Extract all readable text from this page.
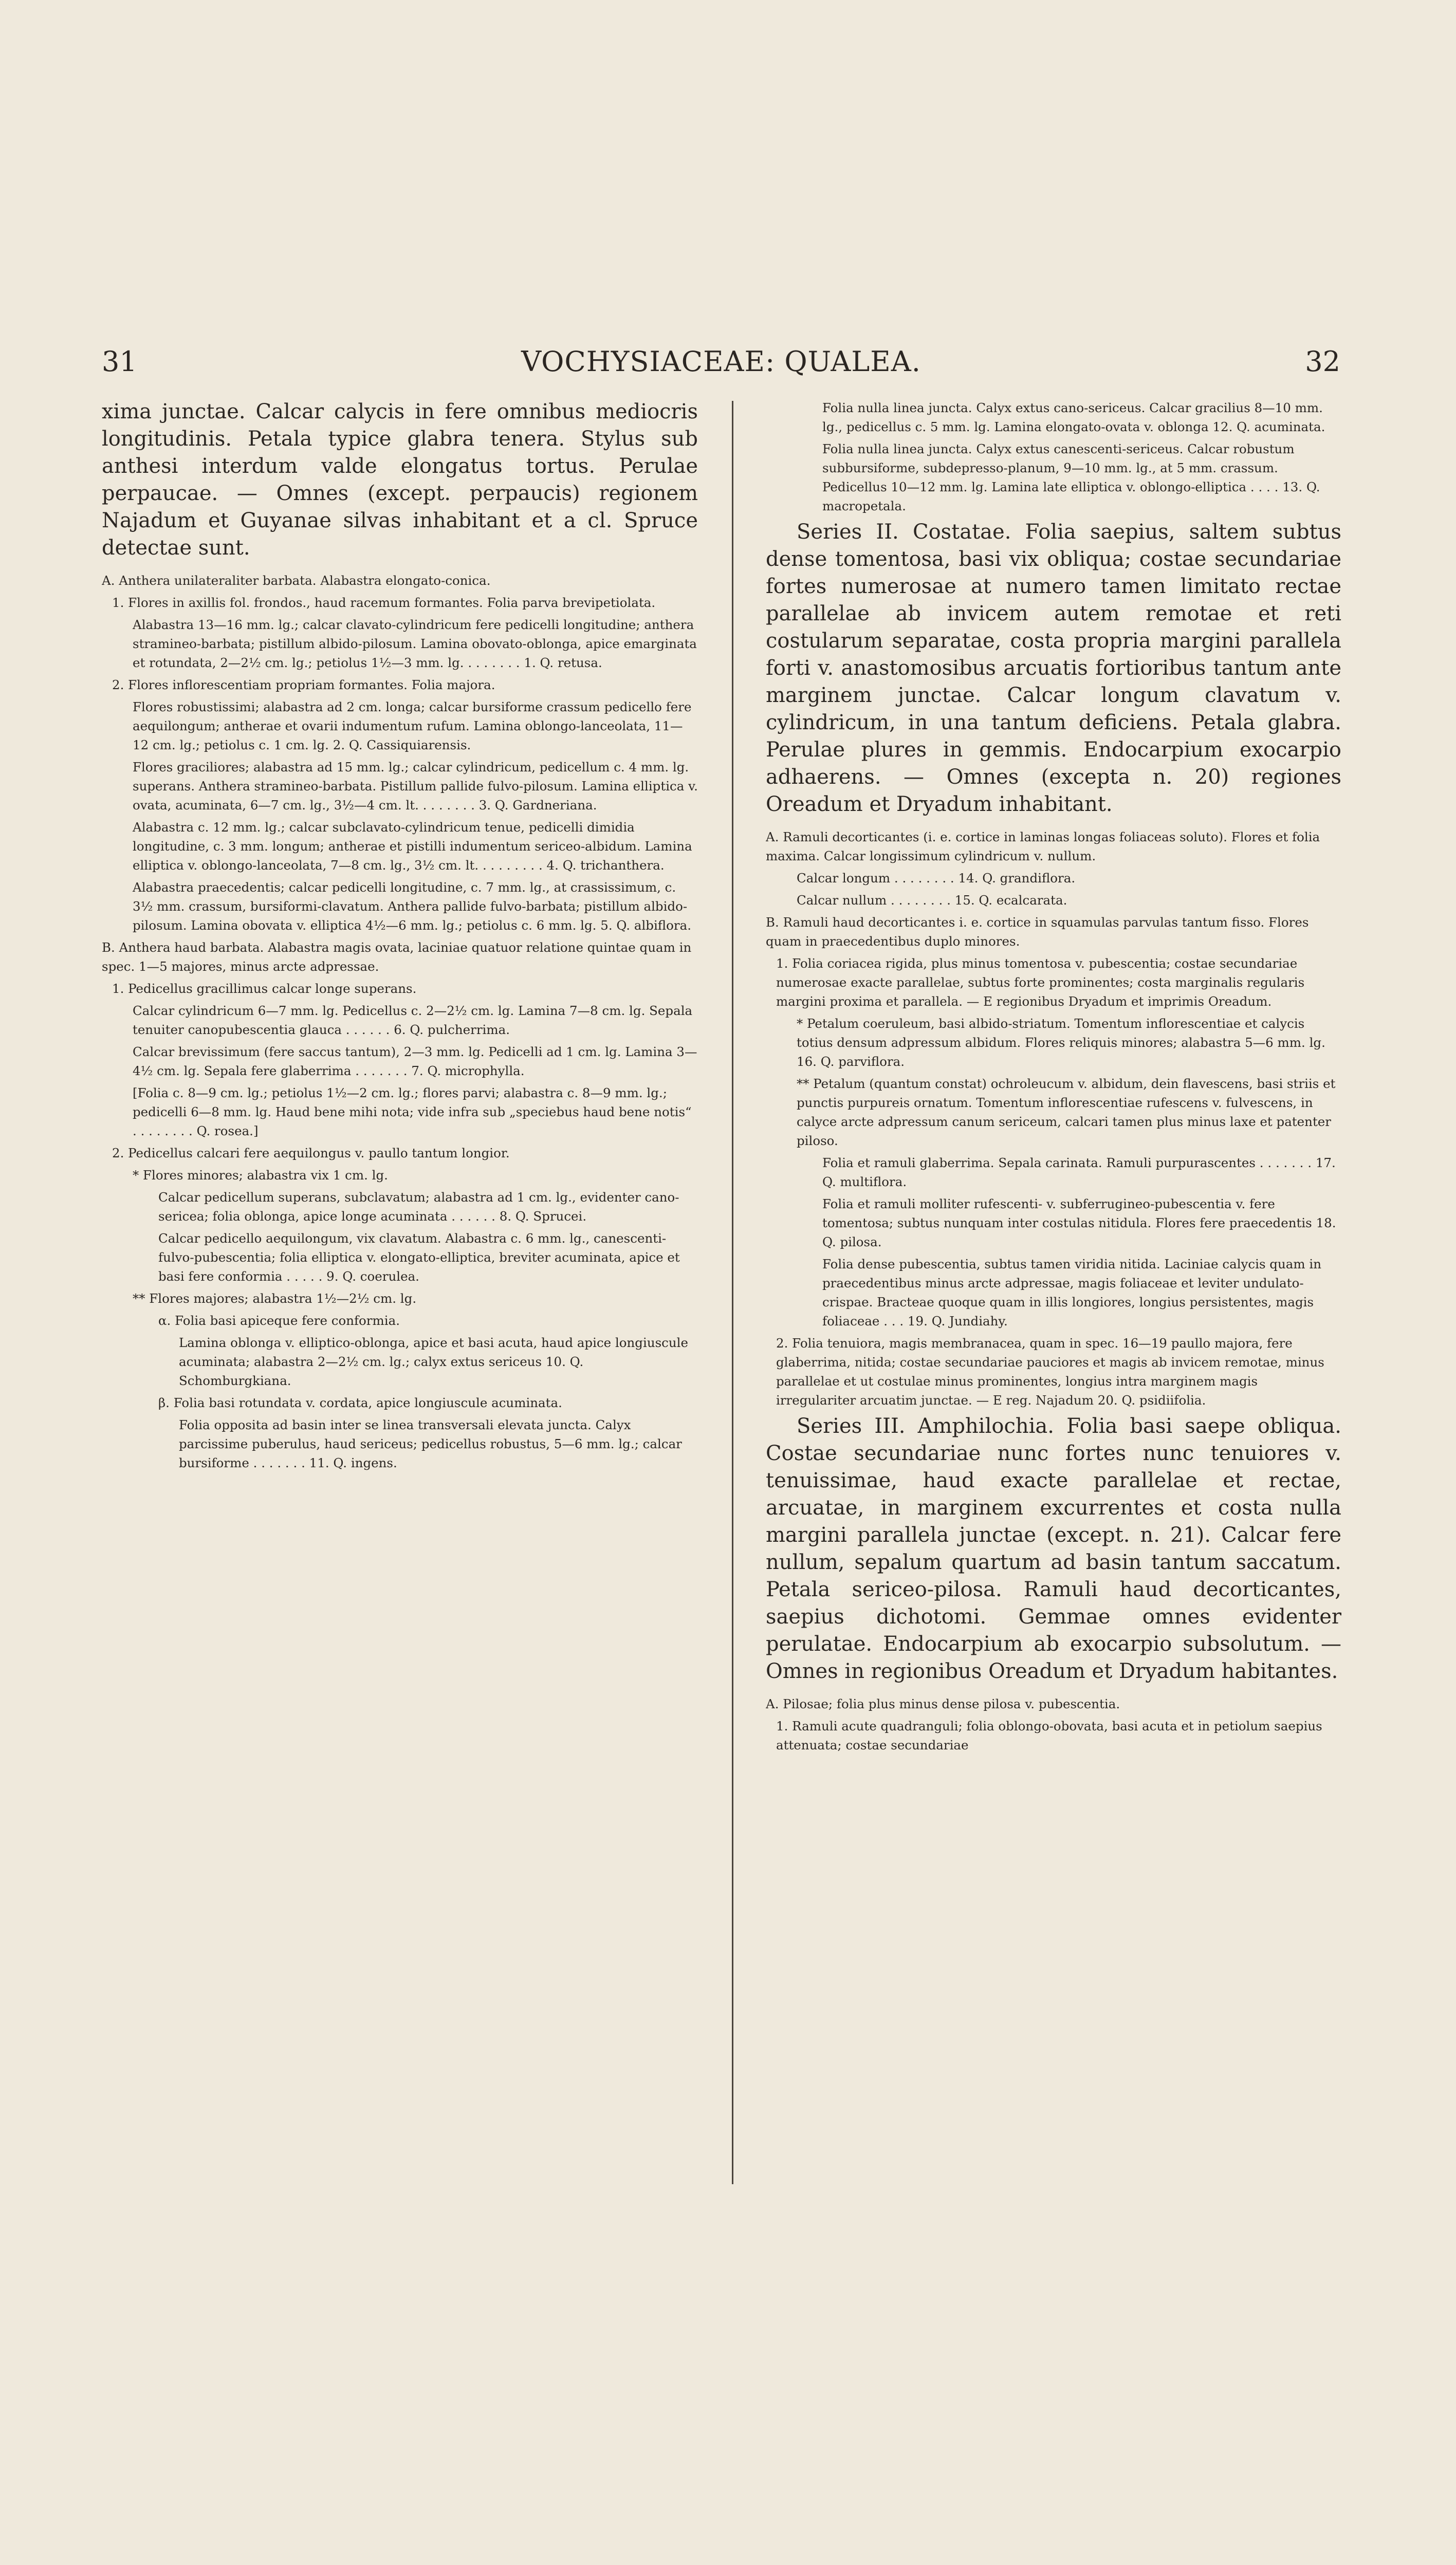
31	VOCHYSIACEAE: QUALEA.	32

xima junctae. Calcar calycis in fere omnibus mediocris longitudinis. Petala typice glabra tenera. Stylus sub anthesi interdum valde elongatus tortus. Perulae perpaucae. — Omnes (except. perpaucis) regionem Najadum et Guyanae silvas inhabitant et a cl. Spruce detectae sunt.

A. Anthera unilateraliter barbata. Alabastra elongato-conica.

1. Flores in axillis fol. frondos., haud racemum formantes. Folia parva brevipetiolata.

Alabastra 13—16 mm. lg.; calcar clavato-cylindricum fere pedicelli longitudine; anthera stramineo-barbata; pistillum albido-pilosum. Lamina obovato-oblonga, apice emarginata et rotundata, 2—2½ cm. lg.; petiolus 1½—3 mm. lg. . . . . . . . 1. Q. retusa.

2. Flores inflorescentiam propriam formantes. Folia majora.

Flores robustissimi; alabastra ad 2 cm. longa; calcar bursiforme crassum pedicello fere aequilongum; antherae et ovarii indumentum rufum. Lamina oblongo-lanceolata, 11—12 cm. lg.; petiolus c. 1 cm. lg. 2. Q. Cassiquiarensis.

Flores graciliores; alabastra ad 15 mm. lg.; calcar cylindricum, pedicellum c. 4 mm. lg. superans. Anthera stramineo-barbata. Pistillum pallide fulvo-pilosum. Lamina elliptica v. ovata, acuminata, 6—7 cm. lg., 3½—4 cm. lt. . . . . . . . 3. Q. Gardneriana.

Alabastra c. 12 mm. lg.; calcar subclavato-cylindricum tenue, pedicelli dimidia longitudine, c. 3 mm. longum; antherae et pistilli indumentum sericeo-albidum. Lamina elliptica v. oblongo-lanceolata, 7—8 cm. lg., 3½ cm. lt. . . . . . . . . 4. Q. trichanthera.

Alabastra praecedentis; calcar pedicelli longitudine, c. 7 mm. lg., at crassissimum, c. 3½ mm. crassum, bursiformi-clavatum. Anthera pallide fulvo-barbata; pistillum albido-pilosum. Lamina obovata v. elliptica 4½—6 mm. lg.; petiolus c. 6 mm. lg. 5. Q. albiflora.

B. Anthera haud barbata. Alabastra magis ovata, laciniae quatuor relatione quintae quam in spec. 1—5 majores, minus arcte adpressae.

1. Pedicellus gracillimus calcar longe superans.

Calcar cylindricum 6—7 mm. lg. Pedicellus c. 2—2½ cm. lg. Lamina 7—8 cm. lg. Sepala tenuiter canopubescentia glauca . . . . . . 6. Q. pulcherrima.

Calcar brevissimum (fere saccus tantum), 2—3 mm. lg. Pedicelli ad 1 cm. lg. Lamina 3—4½ cm. lg. Sepala fere glaberrima . . . . . . . 7. Q. microphylla.

[Folia c. 8—9 cm. lg.; petiolus 1½—2 cm. lg.; flores parvi; alabastra c. 8—9 mm. lg.; pedicelli 6—8 mm. lg. Haud bene mihi nota; vide infra sub „speciebus haud bene notis“ . . . . . . . . Q. rosea.]

2. Pedicellus calcari fere aequilongus v. paullo tantum longior.

* Flores minores; alabastra vix 1 cm. lg.

Calcar pedicellum superans, subclavatum; alabastra ad 1 cm. lg., evidenter cano-sericea; folia oblonga, apice longe acuminata . . . . . . 8. Q. Sprucei.

Calcar pedicello aequilongum, vix clavatum. Alabastra c. 6 mm. lg., canescenti-fulvo-pubescentia; folia elliptica v. elongato-elliptica, breviter acuminata, apice et basi fere conformia . . . . . 9. Q. coerulea.

** Flores majores; alabastra 1½—2½ cm. lg.

α. Folia basi apiceque fere conformia.

Lamina oblonga v. elliptico-oblonga, apice et basi acuta, haud apice longiuscule acuminata; alabastra 2—2½ cm. lg.; calyx extus sericeus 10. Q. Schomburgkiana.

β. Folia basi rotundata v. cordata, apice longiuscule acuminata.

Folia opposita ad basin inter se linea transversali elevata juncta. Calyx parcissime puberulus, haud sericeus; pedicellus robustus, 5—6 mm. lg.; calcar bursiforme . . . . . . . 11. Q. ingens.

Folia nulla linea juncta. Calyx extus cano-sericeus. Calcar gracilius 8—10 mm. lg., pedicellus c. 5 mm. lg. Lamina elongato-ovata v. oblonga 12. Q. acuminata.

Folia nulla linea juncta. Calyx extus canescenti-sericeus. Calcar robustum subbursiforme, subdepresso-planum, 9—10 mm. lg., at 5 mm. crassum. Pedicellus 10—12 mm. lg. Lamina late elliptica v. oblongo-elliptica . . . . 13. Q. macropetala.

Series II. Costatae. Folia saepius, saltem subtus dense tomentosa, basi vix obliqua; costae secundariae fortes numerosae at numero tamen limitato rectae parallelae ab invicem autem remotae et reti costularum separatae, costa propria margini parallela forti v. anastomosibus arcuatis fortioribus tantum ante marginem junctae. Calcar longum clavatum v. cylindricum, in una tantum deficiens. Petala glabra. Perulae plures in gemmis. Endocarpium exocarpio adhaerens. — Omnes (excepta n. 20) regiones Oreadum et Dryadum inhabitant.

A. Ramuli decorticantes (i. e. cortice in laminas longas foliaceas soluto). Flores et folia maxima. Calcar longissimum cylindricum v. nullum.

Calcar longum . . . . . . . . 14. Q. grandiflora.

Calcar nullum . . . . . . . . 15. Q. ecalcarata.

B. Ramuli haud decorticantes i. e. cortice in squamulas parvulas tantum fisso. Flores quam in praecedentibus duplo minores.

1. Folia coriacea rigida, plus minus tomentosa v. pubescentia; costae secundariae numerosae exacte parallelae, subtus forte prominentes; costa marginalis regularis margini proxima et parallela. — E regionibus Dryadum et imprimis Oreadum.

* Petalum coeruleum, basi albido-striatum. Tomentum inflorescentiae et calycis totius densum adpressum albidum. Flores reliquis minores; alabastra 5—6 mm. lg. 16. Q. parviflora.

** Petalum (quantum constat) ochroleucum v. albidum, dein flavescens, basi striis et punctis purpureis ornatum. Tomentum inflorescentiae rufescens v. fulvescens, in calyce arcte adpressum canum sericeum, calcari tamen plus minus laxe et patenter piloso.

Folia et ramuli glaberrima. Sepala carinata. Ramuli purpurascentes . . . . . . . 17. Q. multiflora.

Folia et ramuli molliter rufescenti- v. subferrugineo-pubescentia v. fere tomentosa; subtus nunquam inter costulas nitidula. Flores fere praecedentis 18. Q. pilosa.

Folia dense pubescentia, subtus tamen viridia nitida. Laciniae calycis quam in praecedentibus minus arcte adpressae, magis foliaceae et leviter undulato-crispae. Bracteae quoque quam in illis longiores, longius persistentes, magis foliaceae . . . 19. Q. Jundiahy.

2. Folia tenuiora, magis membranacea, quam in spec. 16—19 paullo majora, fere glaberrima, nitida; costae secundariae pauciores et magis ab invicem remotae, minus parallelae et ut costulae minus prominentes, longius intra marginem magis irregulariter arcuatim junctae. — E reg. Najadum 20. Q. psidiifolia.

Series III. Amphilochia. Folia basi saepe obliqua. Costae secundariae nunc fortes nunc tenuiores v. tenuissimae, haud exacte parallelae et rectae, arcuatae, in marginem excurrentes et costa nulla margini parallela junctae (except. n. 21). Calcar fere nullum, sepalum quartum ad basin tantum saccatum. Petala sericeo-pilosa. Ramuli haud decorticantes, saepius dichotomi. Gemmae omnes evidenter perulatae. Endocarpium ab exocarpio subsolutum. — Omnes in regionibus Oreadum et Dryadum habitantes.

A. Pilosae; folia plus minus dense pilosa v. pubescentia.

1. Ramuli acute quadranguli; folia oblongo-obovata, basi acuta et in petiolum saepius attenuata; costae secundariae
